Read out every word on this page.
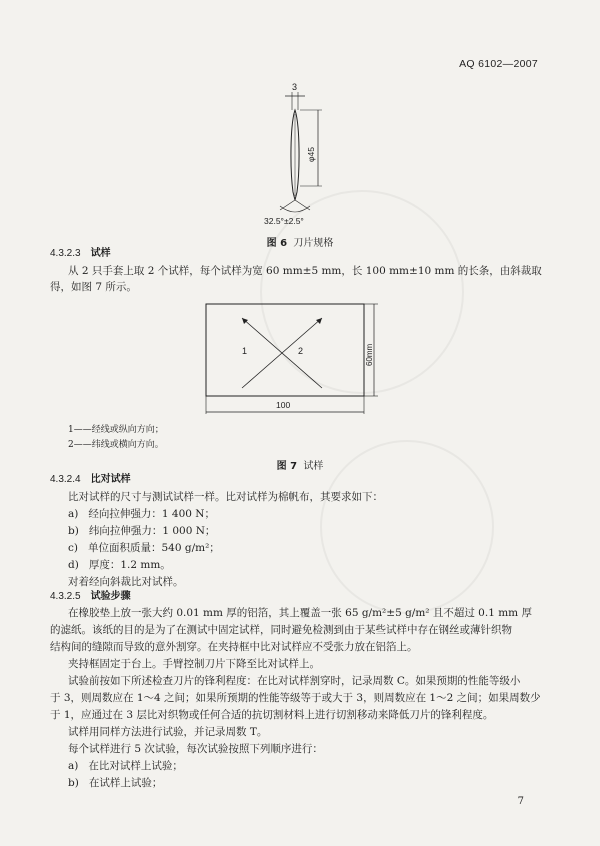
AQ 6102—2007
3
φ45
32.5°±2.5°
图 6 刀片规格
4.3.2.3 试样
从 2 只手套上取 2 个试样，每个试样为宽 60 mm±5 mm，长 100 mm±10 mm 的长条，由斜裁取
得，如图 7 所示。
1	2	60mm
100
1——经线或纵向方向；
2——纬线或横向方向。
图 7 试样
4.3.2.4 比对试样
比对试样的尺寸与测试试样一样。比对试样为棉帆布，其要求如下：
a) 经向拉伸强力：1 400 N；
b) 纬向拉伸强力：1 000 N；
c) 单位面积质量：540 g/m²；
d) 厚度：1.2 mm。
对着经向斜裁比对试样。
4.3.2.5 试验步骤
在橡胶垫上放一张大约 0.01 mm 厚的铝箔，其上覆盖一张 65 g/m²±5 g/m² 且不超过 0.1 mm 厚
的滤纸。该纸的目的是为了在测试中固定试样，同时避免检测到由于某些试样中存在钢丝或薄针织物
结构间的缝隙而导致的意外割穿。在夹持框中比对试样应不受张力放在铝箔上。
夹持框固定于台上。手臂控制刀片下降至比对试样上。
试验前按如下所述检查刀片的锋利程度：在比对试样割穿时，记录周数 C。如果预期的性能等级小
于 3，则周数应在 1～4 之间；如果所预期的性能等级等于或大于 3，则周数应在 1～2 之间；如果周数少
于 1，应通过在 3 层比对织物或任何合适的抗切割材料上进行切割移动来降低刀片的锋利程度。
试样用同样方法进行试验，并记录周数 T。
每个试样进行 5 次试验，每次试验按照下列顺序进行：
a) 在比对试样上试验；
b) 在试样上试验；
7
